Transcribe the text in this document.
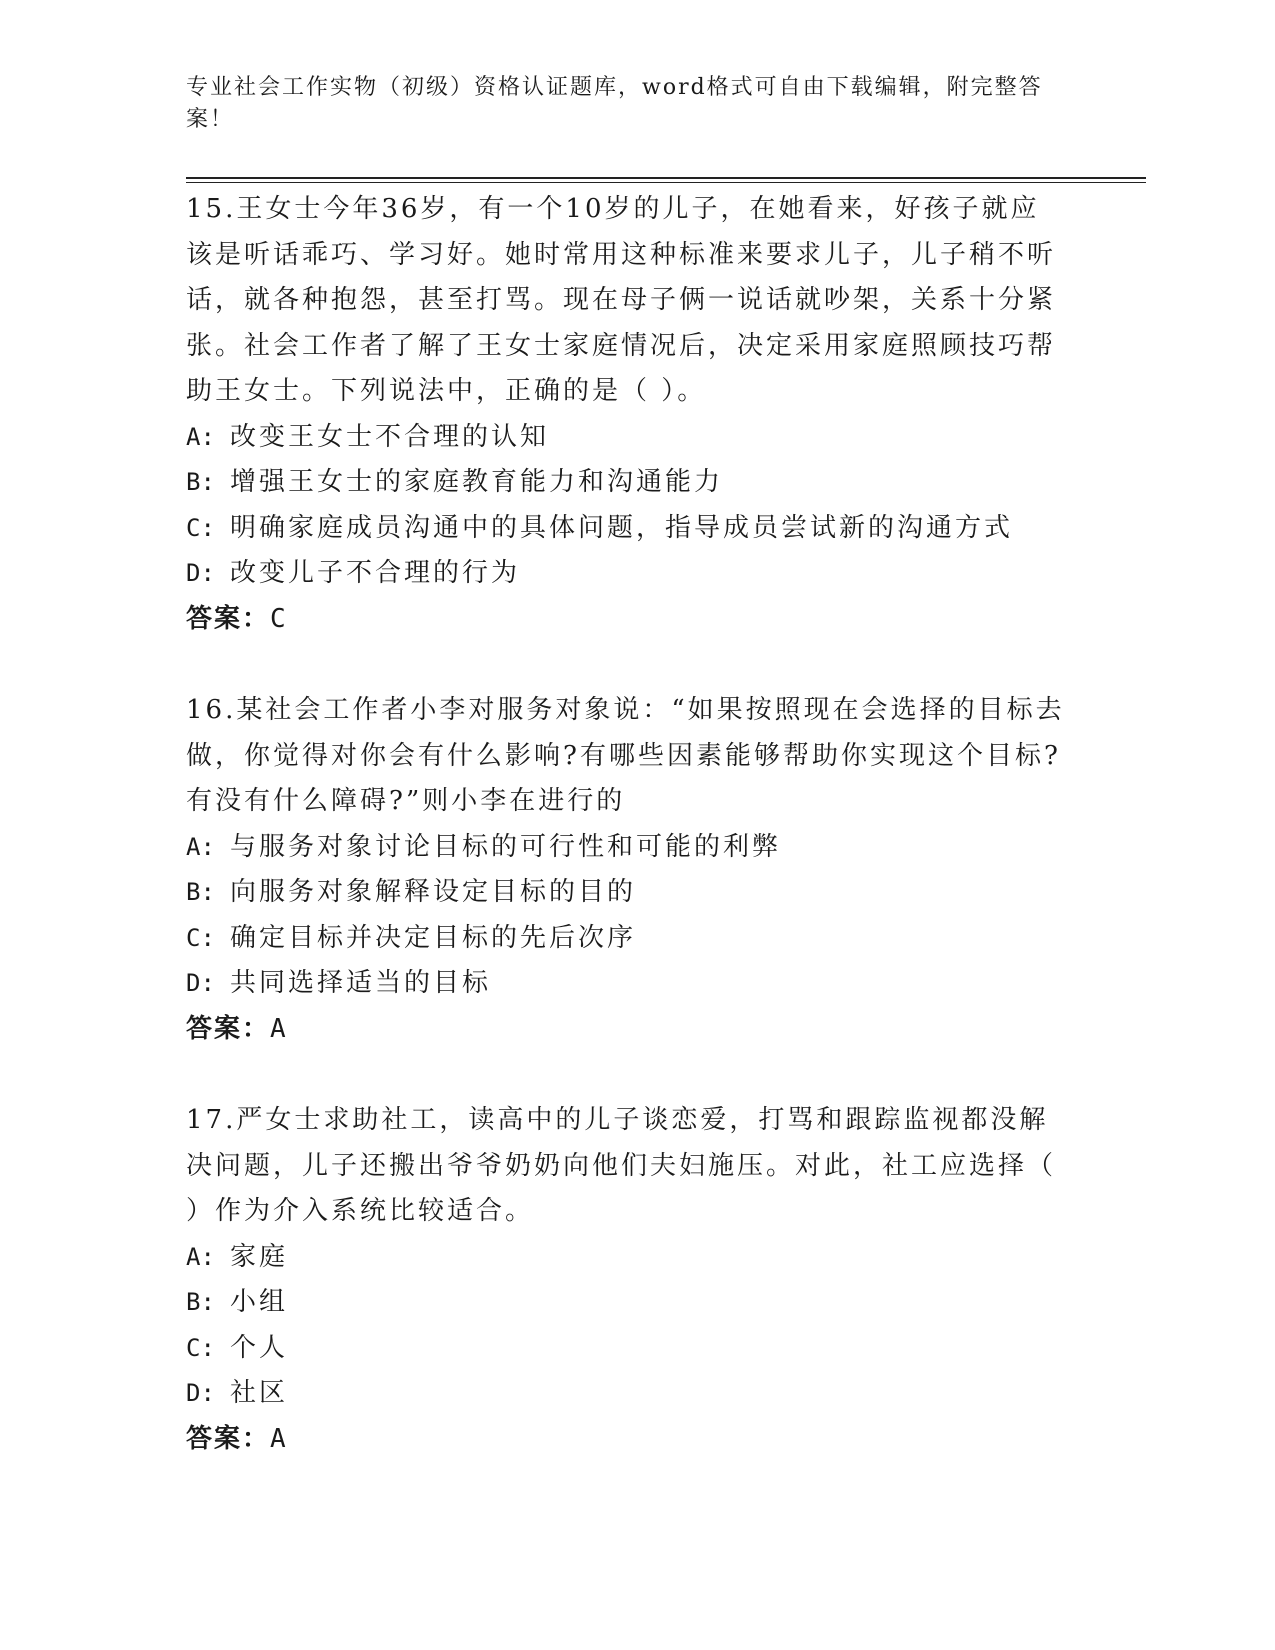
专业社会工作实物（初级）资格认证题库，word格式可自由下载编辑，附完整答案！

15.王女士今年36岁，有一个10岁的儿子，在她看来，好孩子就应该是听话乖巧、学习好。她时常用这种标准来要求儿子，儿子稍不听话，就各种抱怨，甚至打骂。现在母子俩一说话就吵架，关系十分紧张。社会工作者了解了王女士家庭情况后，决定采用家庭照顾技巧帮助王女士。下列说法中，正确的是（ ）。

A: 改变王女士不合理的认知

B: 增强王女士的家庭教育能力和沟通能力

C: 明确家庭成员沟通中的具体问题，指导成员尝试新的沟通方式

D: 改变儿子不合理的行为

答案：C

16.某社会工作者小李对服务对象说：“如果按照现在会选择的目标去做，你觉得对你会有什么影响?有哪些因素能够帮助你实现这个目标?有没有什么障碍?”则小李在进行的

A: 与服务对象讨论目标的可行性和可能的利弊

B: 向服务对象解释设定目标的目的

C: 确定目标并决定目标的先后次序

D: 共同选择适当的目标

答案：A

17.严女士求助社工，读高中的儿子谈恋爱，打骂和跟踪监视都没解决问题，儿子还搬出爷爷奶奶向他们夫妇施压。对此，社工应选择（ ）作为介入系统比较适合。

A: 家庭

B: 小组

C: 个人

D: 社区

答案：A
